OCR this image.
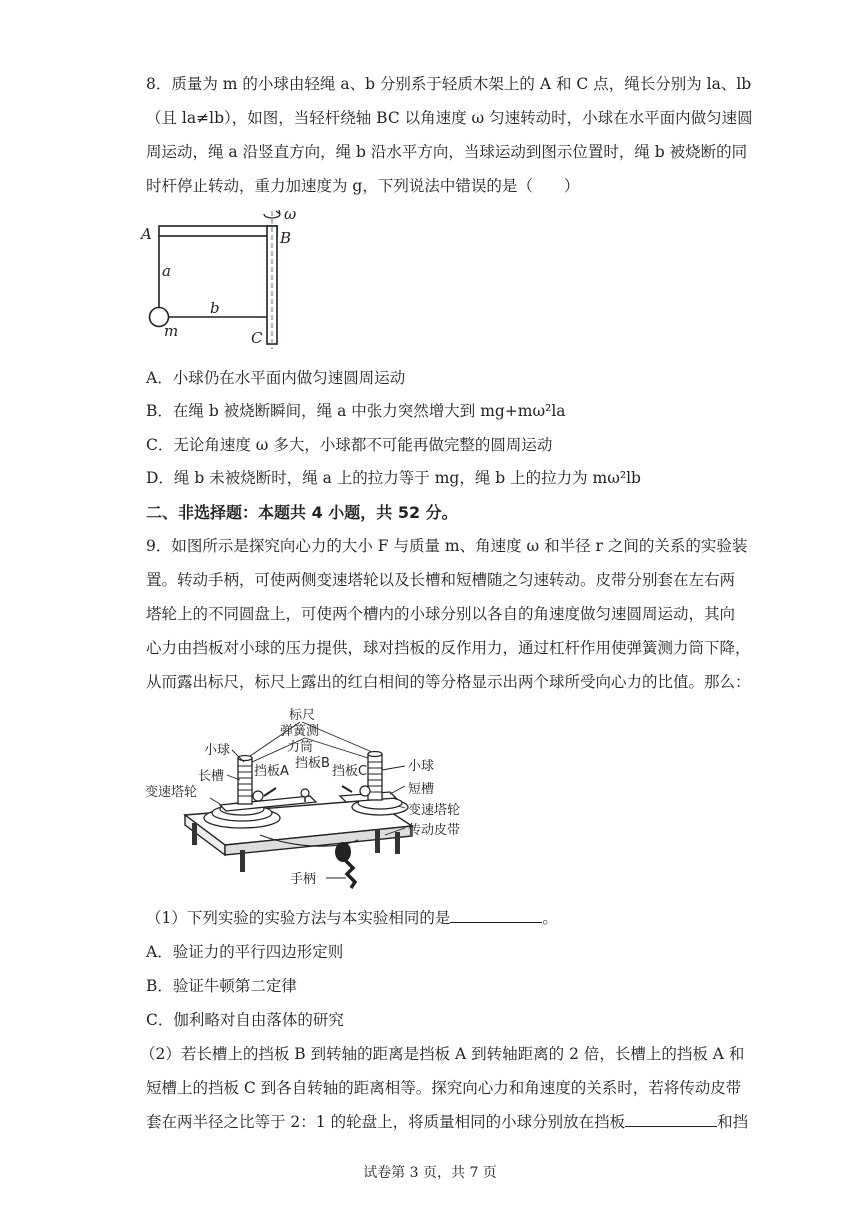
8．质量为 m 的小球由轻绳 a、b 分别系于轻质木架上的 A 和 C 点，绳长分别为 la、lb
（且 la≠lb），如图，当轻杆绕轴 BC 以角速度 ω 匀速转动时，小球在水平面内做匀速圆
周运动，绳 a 沿竖直方向，绳 b 沿水平方向，当球运动到图示位置时，绳 b 被烧断的同
时杆停止转动，重力加速度为 g，下列说法中错误的是（　　）
A	B
C
a
b
m
ω
A．小球仍在水平面内做匀速圆周运动
B．在绳 b 被烧断瞬间，绳 a 中张力突然增大到 mg+mω²la
C．无论角速度 ω 多大，小球都不可能再做完整的圆周运动
D．绳 b 未被烧断时，绳 a 上的拉力等于 mg，绳 b 上的拉力为 mω²lb
二、非选择题：本题共 4 小题，共 52 分。
9．如图所示是探究向心力的大小 F 与质量 m、角速度 ω 和半径 r 之间的关系的实验装
置。转动手柄，可使两侧变速塔轮以及长槽和短槽随之匀速转动。皮带分别套在左右两
塔轮上的不同圆盘上，可使两个槽内的小球分别以各自的角速度做匀速圆周运动，其向
心力由挡板对小球的压力提供，球对挡板的反作用力，通过杠杆作用使弹簧测力筒下降，
从而露出标尺，标尺上露出的红白相间的等分格显示出两个球所受向心力的比值。那么：
标尺
弹簧测
力筒
小球
长槽 挡板A
挡板B
挡板C	小球
短槽
变速塔轮
变速塔轮
传动皮带
手柄
（1）下列实验的实验方法与本实验相同的是	。
A．验证力的平行四边形定则
B．验证牛顿第二定律
C．伽利略对自由落体的研究
（2）若长槽上的挡板 B 到转轴的距离是挡板 A 到转轴距离的 2 倍，长槽上的挡板 A 和
短槽上的挡板 C 到各自转轴的距离相等。探究向心力和角速度的关系时，若将传动皮带
套在两半径之比等于 2：1 的轮盘上，将质量相同的小球分别放在挡板	和挡
试卷第 3 页，共 7 页
